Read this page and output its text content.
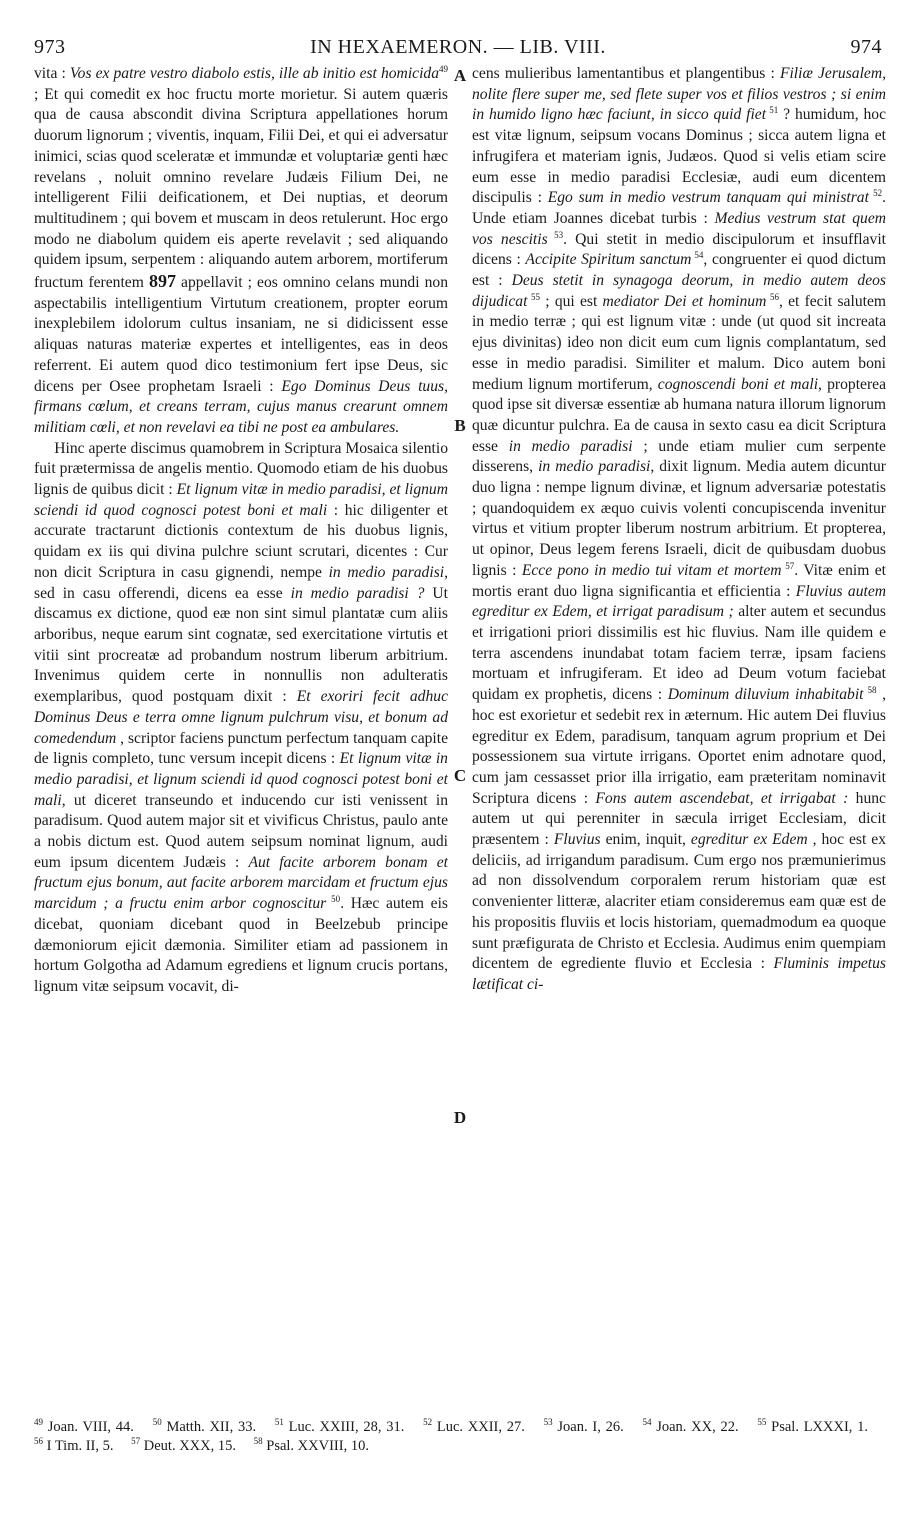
973	IN HEXAEMERON. — LIB. VIII.	974

vita : Vos ex patre vestro diabolo estis, ille ab initio est homicida$^{49}$ ; Et qui comedit ex hoc fructu morte morietur. Si autem quæris qua de causa abscondit divina Scriptura appellationes horum duorum lignorum ; viventis, inquam, Filii Dei, et qui ei adversatur inimici, scias quod sceleratæ et immundæ et voluptariæ genti hæc revelans , noluit omnino revelare Judæis Filium Dei, ne intelligerent Filii deificationem, et Dei nuptias, et deorum multitudinem ; qui bovem et muscam in deos retulerunt. Hoc ergo modo ne diabolum quidem eis aperte revelavit ; sed aliquando quidem ipsum, serpentem : aliquando autem arborem, mortiferum fructum ferentem 897 appellavit ; eos omnino celans mundi non aspectabilis intelligentium Virtutum creationem, propter eorum inexplebilem idolorum cultus insaniam, ne si didicissent esse aliquas naturas materiæ expertes et intelligentes, eas in deos referrent. Ei autem quod dico testimonium fert ipse Deus, sic dicens per Osee prophetam Israeli : Ego Dominus Deus tuus, firmans cœlum, et creans terram, cujus manus crearunt omnem militiam cœli, et non revelavi ea tibi ne post ea ambulares.

Hinc aperte discimus quamobrem in Scriptura Mosaica silentio fuit prætermissa de angelis mentio. Quomodo etiam de his duobus lignis de quibus dicit : Et lignum vitæ in medio paradisi, et lignum sciendi id quod cognosci potest boni et mali : hic diligenter et accurate tractarunt dictionis contextum de his duobus lignis, quidam ex iis qui divina pulchre sciunt scrutari, dicentes : Cur non dicit Scriptura in casu gignendi, nempe in medio paradisi, sed in casu offerendi, dicens ea esse in medio paradisi ? Ut discamus ex dictione, quod eæ non sint simul plantatæ cum aliis arboribus, neque earum sint cognatæ, sed exercitatione virtutis et vitii sint procreatæ ad probandum nostrum liberum arbitrium. Invenimus quidem certe in nonnullis non adulteratis exemplaribus, quod postquam dixit : Et exoriri fecit adhuc Dominus Deus e terra omne lignum pulchrum visu, et bonum ad comedendum , scriptor faciens punctum perfectum tanquam capite de lignis completo, tunc versum incepit dicens : Et lignum vitæ in medio paradisi, et lignum sciendi id quod cognosci potest boni et mali, ut diceret transeundo et inducendo cur isti venissent in paradisum. Quod autem major sit et vivificus Christus, paulo ante a nobis dictum est. Quod autem seipsum nominat lignum, audi eum ipsum dicentem Judæis : Aut facite arborem bonam et fructum ejus bonum, aut facite arborem marcidam et fructum ejus marcidum ; a fructu enim arbor cognoscitur $^{50}$. Hæc autem eis dicebat, quoniam dicebant quod in Beelzebub principe dæmoniorum ejicit dæmonia. Similiter etiam ad passionem in hortum Golgotha ad Adamum egrediens et lignum crucis portans, lignum vitæ seipsum vocavit, di-

cens mulieribus lamentantibus et plangentibus : Filiæ Jerusalem, nolite flere super me, sed flete super vos et filios vestros ; si enim in humido ligno hæc faciunt, in sicco quid fiet $^{51}$ ? humidum, hoc est vitæ lignum, seipsum vocans Dominus ; sicca autem ligna et infrugifera et materiam ignis, Judæos. Quod si velis etiam scire eum esse in medio paradisi Ecclesiæ, audi eum dicentem discipulis : Ego sum in medio vestrum tanquam qui ministrat $^{52}$. Unde etiam Joannes dicebat turbis : Medius vestrum stat quem vos nescitis $^{53}$. Qui stetit in medio discipulorum et insufflavit dicens : Accipite Spiritum sanctum $^{54}$, congruenter ei quod dictum est : Deus stetit in synagoga deorum, in medio autem deos dijudicat $^{55}$ ; qui est mediator Dei et hominum $^{56}$, et fecit salutem in medio terræ ; qui est lignum vitæ : unde (ut quod sit increata ejus divinitas) ideo non dicit eum cum lignis complantatum, sed esse in medio paradisi. Similiter et malum. Dico autem boni medium lignum mortiferum, cognoscendi boni et mali, propterea quod ipse sit diversæ essentiæ ab humana natura illorum lignorum quæ dicuntur pulchra. Ea de causa in sexto casu ea dicit Scriptura esse in medio paradisi ; unde etiam mulier cum serpente disserens, in medio paradisi, dixit lignum. Media autem dicuntur duo ligna : nempe lignum divinæ, et lignum adversariæ potestatis ; quandoquidem ex æquo cuivis volenti concupiscenda invenitur virtus et vitium propter liberum nostrum arbitrium. Et propterea, ut opinor, Deus legem ferens Israeli, dicit de quibusdam duobus lignis : Ecce pono in medio tui vitam et mortem $^{57}$. Vitæ enim et mortis erant duo ligna significantia et efficientia : Fluvius autem egreditur ex Edem, et irrigat paradisum ; alter autem et secundus et irrigationi priori dissimilis est hic fluvius. Nam ille quidem e terra ascendens inundabat totam faciem terræ, ipsam faciens mortuam et infrugiferam. Et ideo ad Deum votum faciebat quidam ex prophetis, dicens : Dominum diluvium inhabitabit $^{58}$ , hoc est exorietur et sedebit rex in æternum. Hic autem Dei fluvius egreditur ex Edem, paradisum, tanquam agrum proprium et Dei possessionem sua virtute irrigans. Oportet enim adnotare quod, cum jam cessasset prior illa irrigatio, eam præteritam nominavit Scriptura dicens : Fons autem ascendebat, et irrigabat : hunc autem ut qui perenniter in sæcula irriget Ecclesiam, dicit præsentem : Fluvius enim, inquit, egreditur ex Edem , hoc est ex deliciis, ad irrigandum paradisum. Cum ergo nos præmunierimus ad non dissolvendum corporalem rerum historiam quæ est convenienter litteræ, alacriter etiam consideremus eam quæ est de his propositis fluviis et locis historiam, quemadmodum ea quoque sunt præfigurata de Christo et Ecclesia. Audimus enim quempiam dicentem de egrediente fluvio et Ecclesia : Fluminis impetus lætificat ci-

A
B
C
D
$^{49}$ Joan. VIII, 44. $^{50}$ Matth. XII, 33. $^{51}$ Luc. XXIII, 28, 31. $^{52}$ Luc. XXII, 27. $^{53}$ Joan. I, 26. $^{54}$ Joan. XX, 22. $^{55}$ Psal. LXXXI, 1. $^{56}$ I Tim. II, 5. $^{57}$ Deut. XXX, 15. $^{58}$ Psal. XXVIII, 10.
